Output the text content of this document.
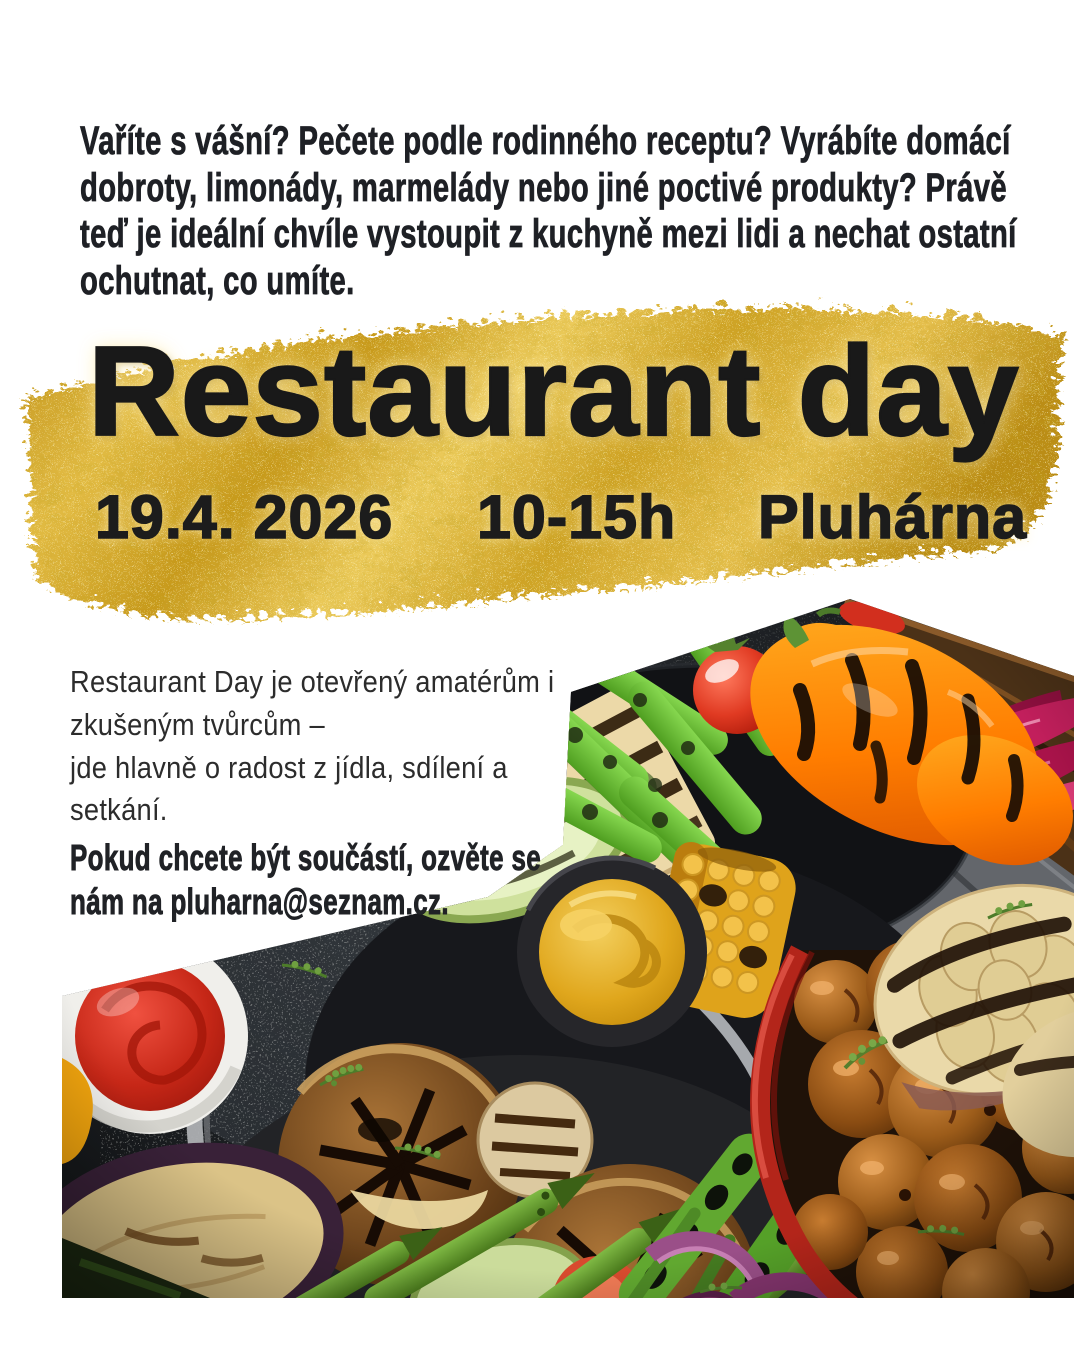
Vaříte s vášní? Pečete podle rodinného receptu? Vyrábíte domácí
dobroty, limonády, marmelády nebo jiné poctivé produkty? Právě
teď je ideální chvíle vystoupit z kuchyně mezi lidi a nechat ostatní
ochutnat, co umíte.

Restaurant day
19.4. 2026 10-15h Pluhárna

Restaurant Day je otevřený amatérům i
zkušeným tvůrcům –
jde hlavně o radost z jídla, sdílení a
setkání.

Pokud chcete být součástí, ozvěte se
nám na pluharna@seznam.cz.
